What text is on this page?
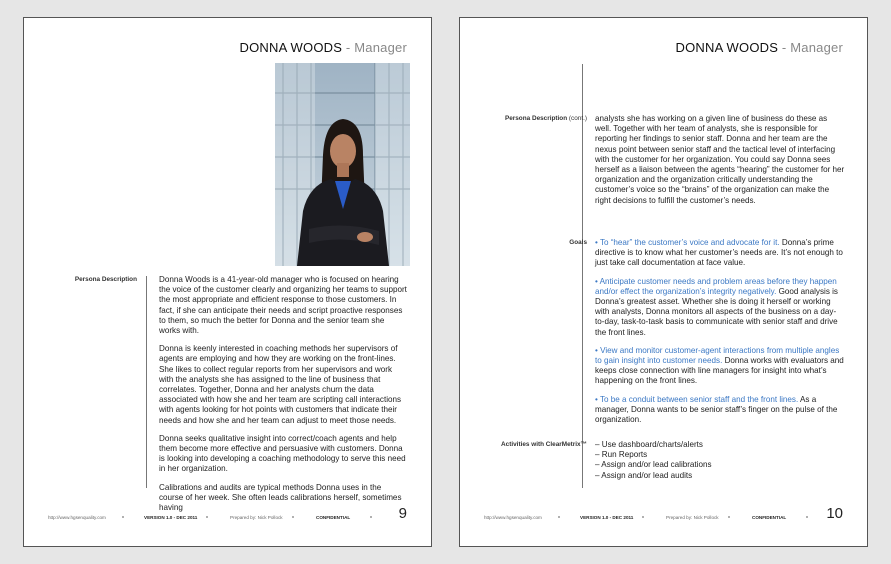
DONNA WOODS - Manager
Persona Description	Donna Woods is a 41-year-old manager who is focused on hearing the voice of the customer clearly and organizing her teams to support the most appropriate and efficient response to those customers. In fact, if she can anticipate their needs and script proactive responses to them, so much the better for Donna and the senior team she works with.

Donna is keenly interested in coaching methods her supervisors of agents are employing and how they are working on the front-lines. She likes to collect regular reports from her supervisors and work with the analysts she has assigned to the line of business that correlates. Together, Donna and her analysts churn the data associated with how she and her team are scripting call interactions with agents looking for hot points with customers that indicate their needs and how she and her team can adjust to meet those needs.

Donna seeks qualitative insight into correct/coach agents and help them become more effective and persuasive with customers. Donna is looking into developing a coaching methodology to serve this need in her organization.

Calibrations and audits are typical methods Donna uses in the course of her week. She often leads calibrations herself, sometimes having

http://www.hgsenquality.com	VERSION 1.0 - DEC 2011	Prepared by: Nick Pollock	CONFIDENTIAL	9
DONNA WOODS - Manager
Persona Description (cont.) analysts she has working on a given line of business do these as well. Together with her team of analysts, she is responsible for reporting her findings to senior staff. Donna and her team are the nexus point between senior staff and the tactical level of interfacing with the customer for her organization. You could say Donna sees herself as a liaison between the agents “hearing” the customer for her organization and the organization critically understanding the customer’s voice so the “brains” of the organization can make the right decisions to fulfill the customer’s needs.
Goals • To “hear” the customer’s voice and advocate for it. Donna’s prime directive is to know what her customer’s needs are. It’s not enough to just take call documentation at face value.

• Anticipate customer needs and problem areas before they happen and/or effect the organization’s integrity negatively. Good analysis is Donna’s greatest asset. Whether she is doing it herself or working with analysts, Donna monitors all aspects of the business on a day-to-day, task-to-task basis to communicate with senior staff and drive the front lines.

• View and monitor customer-agent interactions from multiple angles to gain insight into customer needs. Donna works with evaluators and keeps close connection with line managers for insight into what’s happening on the front lines.

• To be a conduit between senior staff and the front lines. As a manager, Donna wants to be senior staff’s finger on the pulse of the organization.

Activities with ClearMetrix™ – Use dashboard/charts/alerts
– Run Reports
– Assign and/or lead calibrations
– Assign and/or lead audits
http://www.hgsenquality.com	VERSION 1.0 - DEC 2011	Prepared by: Nick Pollock	CONFIDENTIAL	10
